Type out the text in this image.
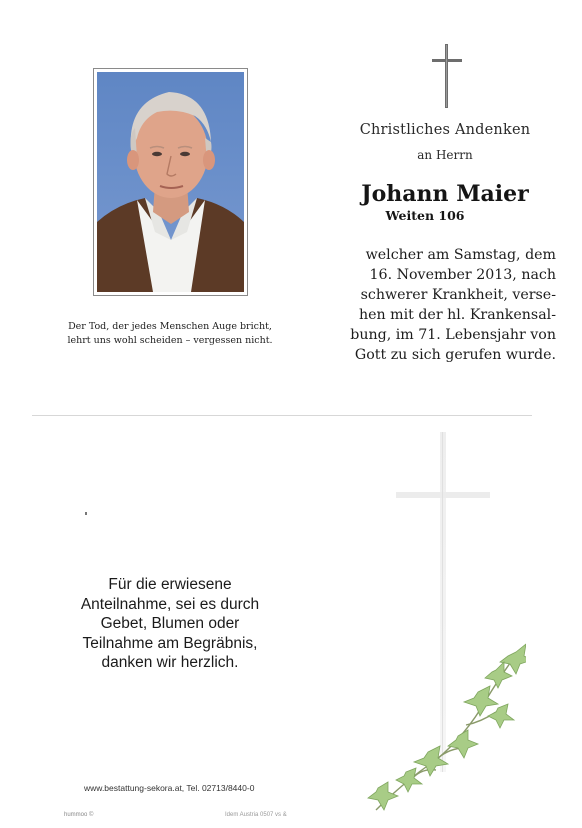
Der Tod, der jedes Menschen Auge bricht,
lehrt uns wohl scheiden – vergessen nicht.
Christliches Andenken
an Herrn
Johann Maier
Weiten 106
welcher am Samstag, dem
16. November 2013, nach
schwerer Krankheit, verse-
hen mit der hl. Krankensal-
bung, im 71. Lebensjahr von
Gott zu sich gerufen wurde.
Für die erwiesene
Anteilnahme, sei es durch
Gebet, Blumen oder
Teilnahme am Begräbnis,
danken wir herzlich.
www.bestattung-sekora.at, Tel. 02713/8440-0
hummoo ©	Idem Austria 0507 vs &
